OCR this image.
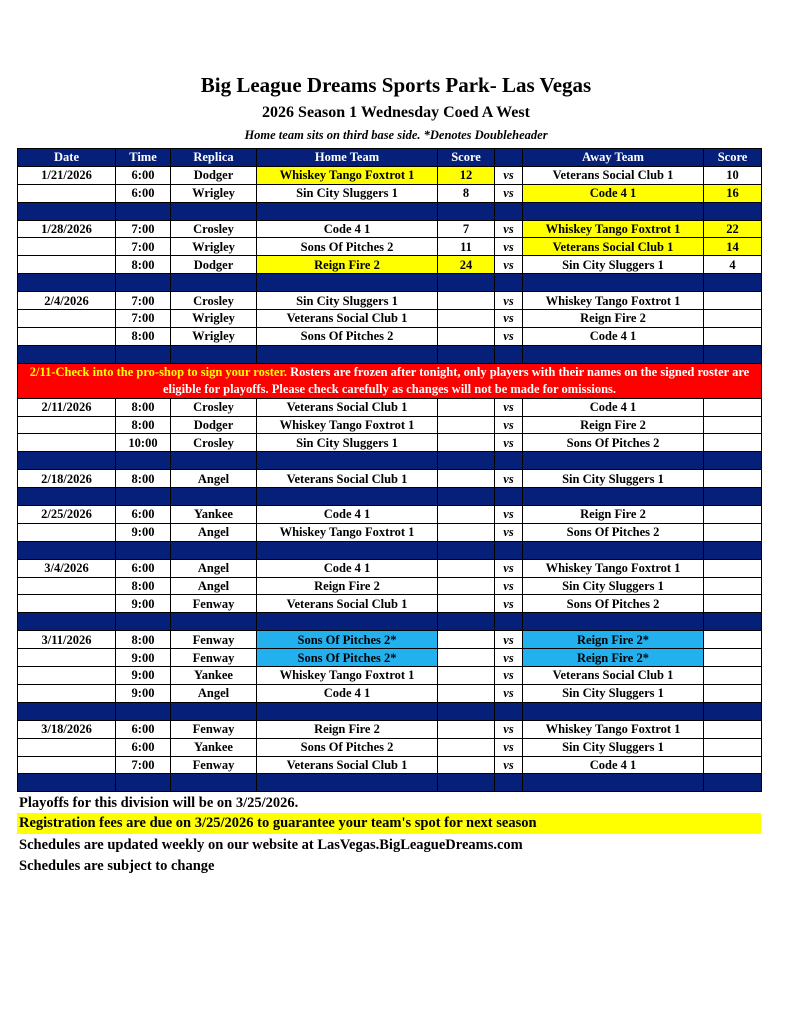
Big League Dreams Sports Park- Las Vegas
2026 Season 1 Wednesday Coed A West
Home team sits on third base side. *Denotes Doubleheader
Date	Time	Replica	Home Team	Score		Away Team	Score
1/21/2026	6:00	Dodger	Whiskey Tango Foxtrot 1	12	vs	Veterans Social Club 1	10
	6:00	Wrigley	Sin City Sluggers 1	8	vs	Code 4 1	16

1/28/2026	7:00	Crosley	Code 4 1	7	vs	Whiskey Tango Foxtrot 1	22
	7:00	Wrigley	Sons Of Pitches 2	11	vs	Veterans Social Club 1	14
	8:00	Dodger	Reign Fire 2	24	vs	Sin City Sluggers 1	4

2/4/2026	7:00	Crosley	Sin City Sluggers 1		vs	Whiskey Tango Foxtrot 1	
	7:00	Wrigley	Veterans Social Club 1		vs	Reign Fire 2	
	8:00	Wrigley	Sons Of Pitches 2		vs	Code 4 1	

2/11-Check into the pro-shop to sign your roster. Rosters are frozen after tonight, only players with their names on the signed roster are eligible for playoffs. Please check carefully as changes will not be made for omissions.							
2/11/2026	8:00	Crosley	Veterans Social Club 1		vs	Code 4 1	
	8:00	Dodger	Whiskey Tango Foxtrot 1		vs	Reign Fire 2	
	10:00	Crosley	Sin City Sluggers 1		vs	Sons Of Pitches 2	

2/18/2026	8:00	Angel	Veterans Social Club 1		vs	Sin City Sluggers 1	

2/25/2026	6:00	Yankee	Code 4 1		vs	Reign Fire 2	
	9:00	Angel	Whiskey Tango Foxtrot 1		vs	Sons Of Pitches 2	

3/4/2026	6:00	Angel	Code 4 1		vs	Whiskey Tango Foxtrot 1	
	8:00	Angel	Reign Fire 2		vs	Sin City Sluggers 1	
	9:00	Fenway	Veterans Social Club 1		vs	Sons Of Pitches 2	

3/11/2026	8:00	Fenway	Sons Of Pitches 2*		vs	Reign Fire 2*	
	9:00	Fenway	Sons Of Pitches 2*		vs	Reign Fire 2*	
	9:00	Yankee	Whiskey Tango Foxtrot 1		vs	Veterans Social Club 1	
	9:00	Angel	Code 4 1		vs	Sin City Sluggers 1	

3/18/2026	6:00	Fenway	Reign Fire 2		vs	Whiskey Tango Foxtrot 1	
	6:00	Yankee	Sons Of Pitches 2		vs	Sin City Sluggers 1	
	7:00	Fenway	Veterans Social Club 1		vs	Code 4 1	

Playoffs for this division will be on 3/25/2026.
Registration fees are due on 3/25/2026 to guarantee your team's spot for next season
Schedules are updated weekly on our website at LasVegas.BigLeagueDreams.com
Schedules are subject to change
